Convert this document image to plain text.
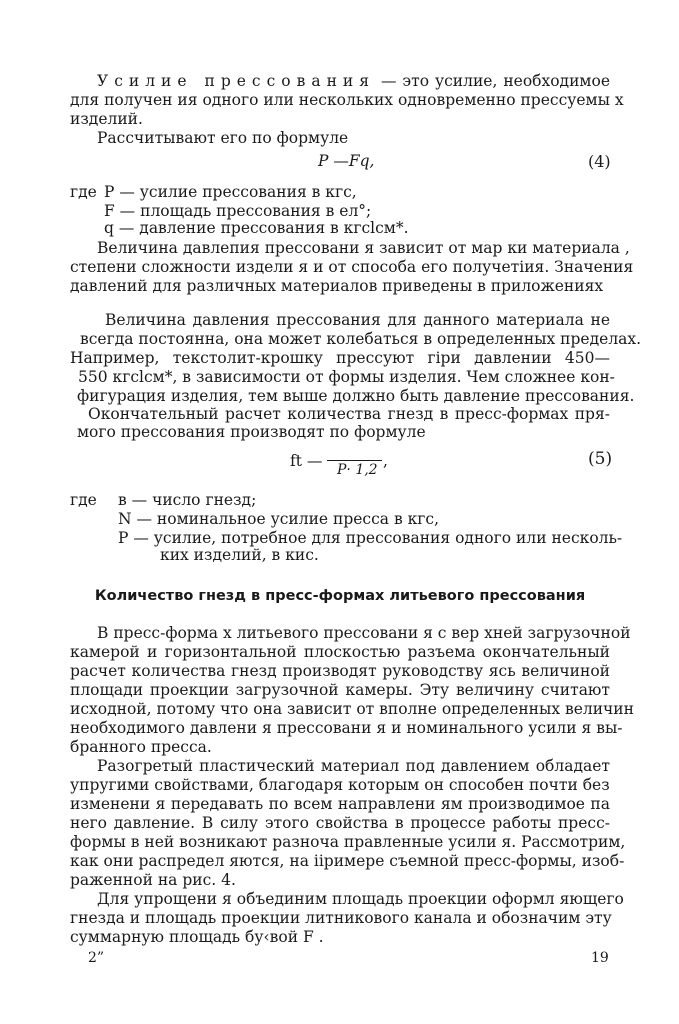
Усилие прессования — это усилие, необходимое
для получен ия одного или нескольких одновременно прессуемы х
изделий.
Рассчитывают его по формуле
P —Fq,	(4)
где P — усилие прессования в кгс,
F — площадь прессования в ел°;
q — давление прессования в кгclсм*.
Величина давлепия прессовани я зависит от мар ки материала ,
степени сложности издели я и от способа его получетiия. Значения
давлений для различных материалов приведены в приложениях
Величина давления прессования для данного материала не
всегда постоянна, она может колебаться в определенных пределах.
Например, текстолит-крошку прессуют гiри давлении 450—
550 кгclсм*, в зависимости от формы изделия. Чем сложнее кон-
фигурация изделия, тем выше должно быть давление прессования.
Окончательный расчет количества гнезд в пресс-формах пря-
мого прессования производят по формуле
ft — P· 1,2 ,	(5)
где в — число гнезд;
N — номинальное усилие пресса в кгс,
P — усилие, потребное для прессования одного или несколь-
ких изделий, в кис.
Количество гнезд в пресс-формах литьевого прессования
В пресс-форма х литьевого прессовани я с вер хней загрузочной
камерой и горизонтальной плоскостью разъема окончательный
расчет количества гнезд производят руководству ясь величиной
площади проекции загрузочной камеры. Эту величину считают
исходной, потому что она зависит от вполне определенных величин
необходимого давлени я прессовани я и номинального усили я вы-
бранного пресса.
Разогретый пластический материал под давлением обладает
упругими свойствами, благодаря которым он способен почти без
изменени я передавать по всем направлени ям производимое па
него давление. В силу этого свойства в процессе работы пресс-
формы в ней возникают разноча правленные усили я. Рассмотрим,
как они распредел яются, на iiримере съемной пресс-формы, изоб-
раженной на рис. 4.
Для упрощени я объединим площадь проекции оформл яющего
гнезда и площадь проекции литникового канала и обозначим эту
суммарную площадь бу‹вой F .
2”	19
